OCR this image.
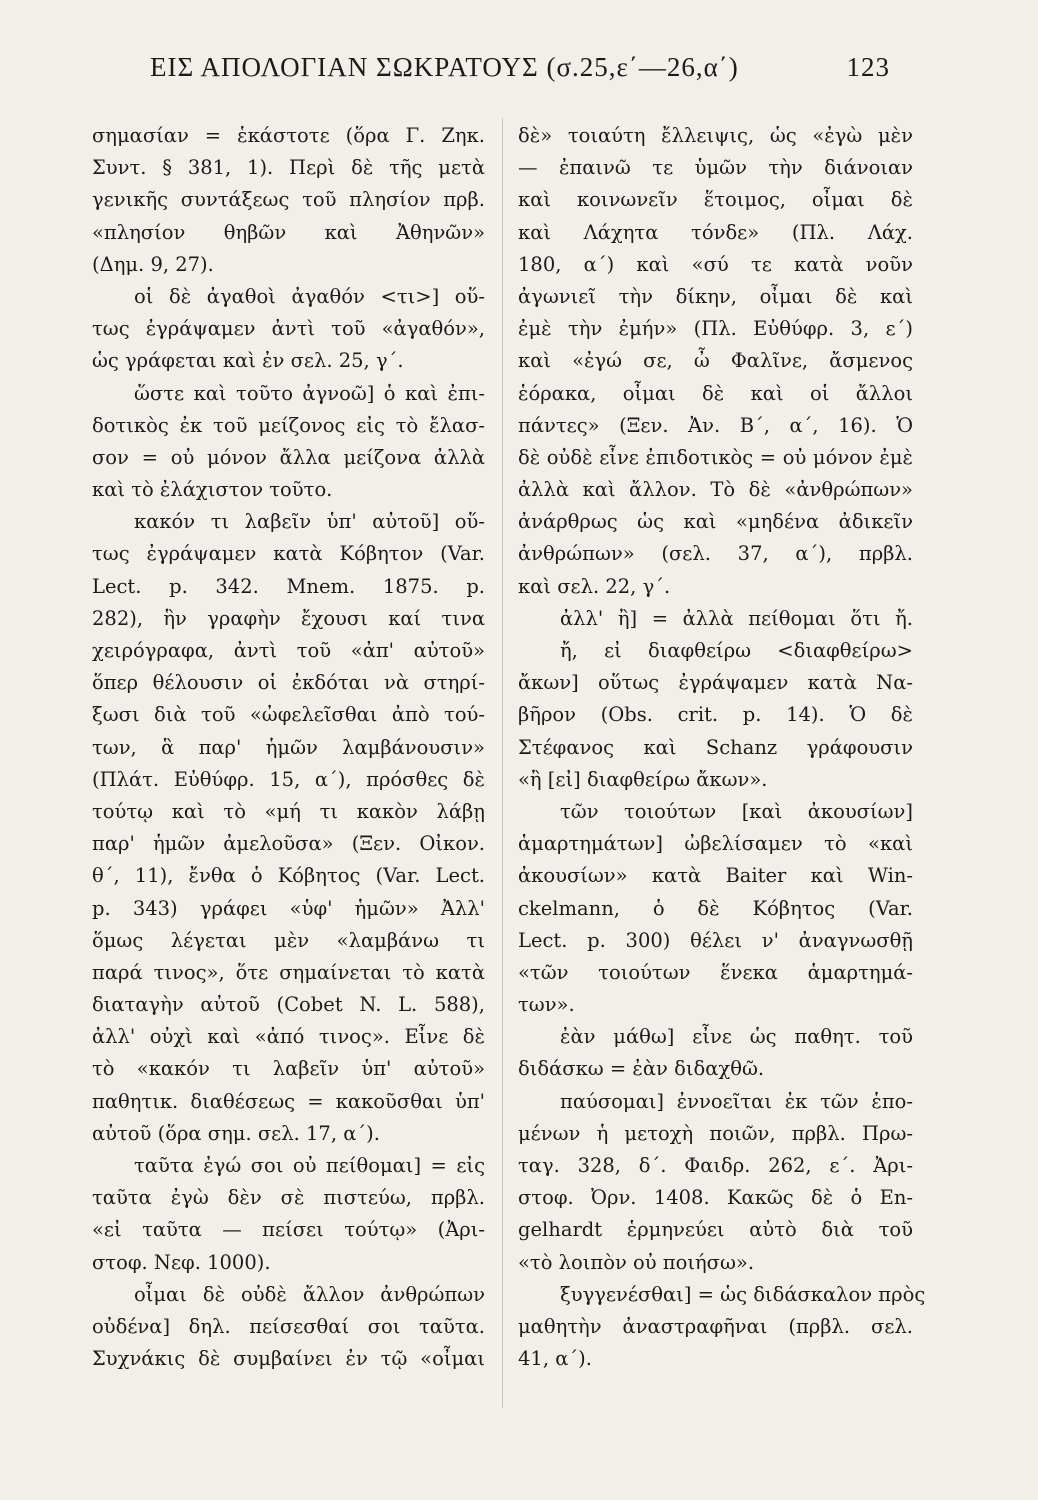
ΕΙΣ ΑΠΟΛΟΓΙΑΝ ΣΩΚΡΑΤΟΥΣ (σ.25,ε΄—26,α΄)	123
σημασίαν = ἑκάστοτε (ὅρα Γ. Ζηκ.
Συντ. § 381, 1). Περὶ δὲ τῆς μετὰ
γενικῆς συντάξεως τοῦ πλησίον πρβ.
«πλησίον θηβῶν καὶ Ἀθηνῶν»
(Δημ. 9, 27).
οἱ δὲ ἀγαθοὶ ἀγαθόν <τι>] οὕ-
τως ἐγράψαμεν ἀντὶ τοῦ «ἀγαθόν»,
ὡς γράφεται καὶ ἐν σελ. 25, γ΄.
ὥστε καὶ τοῦτο ἀγνοῶ] ὁ καὶ ἐπι-
δοτικὸς ἐκ τοῦ μείζονος εἰς τὸ ἔλασ-
σον = οὐ μόνον ἄλλα μείζονα ἀλλὰ
καὶ τὸ ἐλάχιστον τοῦτο.
κακόν τι λαβεῖν ὑπ' αὐτοῦ] οὕ-
τως ἐγράψαμεν κατὰ Κόβητον (Var.
Lect. p. 342. Mnem. 1875. p.
282), ἣν γραφὴν ἔχουσι καί τινα
χειρόγραφα, ἀντὶ τοῦ «ἀπ' αὐτοῦ»
ὅπερ θέλουσιν οἱ ἐκδόται νὰ στηρί-
ξωσι διὰ τοῦ «ὠφελεῖσθαι ἀπὸ τού-
των, ἃ παρ' ἡμῶν λαμβάνουσιν»
(Πλάτ. Εὐθύφρ. 15, α΄), πρόσθες δὲ
τούτῳ καὶ τὸ «μή τι κακὸν λάβῃ
παρ' ἡμῶν ἀμελοῦσα» (Ξεν. Οἰκον.
θ΄, 11), ἔνθα ὁ Κόβητος (Var. Lect.
p. 343) γράφει «ὑφ' ἡμῶν» Ἀλλ'
ὅμως λέγεται μὲν «λαμβάνω τι
παρά τινος», ὅτε σημαίνεται τὸ κατὰ
διαταγὴν αὐτοῦ (Cobet N. L. 588),
ἀλλ' οὐχὶ καὶ «ἀπό τινος». Εἶνε δὲ
τὸ «κακόν τι λαβεῖν ὑπ' αὐτοῦ»
παθητικ. διαθέσεως = κακοῦσθαι ὑπ'
αὐτοῦ (ὅρα σημ. σελ. 17, α΄).
ταῦτα ἐγώ σοι οὐ πείθομαι] = εἰς
ταῦτα ἐγὼ δὲν σὲ πιστεύω, πρβλ.
«εἰ ταῦτα — πείσει τούτῳ» (Ἀρι-
στοφ. Νεφ. 1000).
οἶμαι δὲ οὐδὲ ἄλλον ἀνθρώπων
οὐδένα] δηλ. πείσεσθαί σοι ταῦτα.
Συχνάκις δὲ συμβαίνει ἐν τῷ «οἶμαι
δὲ» τοιαύτη ἔλλειψις, ὡς «ἐγὼ μὲν
— ἐπαινῶ τε ὑμῶν τὴν διάνοιαν
καὶ κοινωνεῖν ἕτοιμος, οἶμαι δὲ
καὶ Λάχητα τόνδε» (Πλ. Λάχ.
180, α΄) καὶ «σύ τε κατὰ νοῦν
ἀγωνιεῖ τὴν δίκην, οἶμαι δὲ καὶ
ἐμὲ τὴν ἐμήν» (Πλ. Εὐθύφρ. 3, ε΄)
καὶ «ἐγώ σε, ὦ Φαλῖνε, ἄσμενος
ἑόρακα, οἶμαι δὲ καὶ οἱ ἄλλοι
πάντες» (Ξεν. Ἀν. Β΄, α΄, 16). Ὁ
δὲ οὐδὲ εἶνε ἐπιδοτικὸς = οὐ μόνον ἐμὲ
ἀλλὰ καὶ ἄλλον. Τὸ δὲ «ἀνθρώπων»
ἀνάρθρως ὡς καὶ «μηδένα ἀδικεῖν
ἀνθρώπων» (σελ. 37, α΄), πρβλ.
καὶ σελ. 22, γ΄.
ἀλλ' ἢ] = ἀλλὰ πείθομαι ὅτι ἤ.
ἤ, εἰ διαφθείρω <διαφθείρω>
ἄκων] οὕτως ἐγράψαμεν κατὰ Να-
βῆρον (Obs. crit. p. 14). Ὁ δὲ
Στέφανος καὶ Schanz γράφουσιν
«ἢ [εἰ] διαφθείρω ἄκων».
τῶν τοιούτων [καὶ ἀκουσίων]
ἁμαρτημάτων] ὠβελίσαμεν τὸ «καὶ
ἀκουσίων» κατὰ Baiter καὶ Win-
ckelmann, ὁ δὲ Κόβητος (Var.
Lect. p. 300) θέλει ν' ἀναγνωσθῇ
«τῶν τοιούτων ἕνεκα ἁμαρτημά-
των».
ἐὰν μάθω] εἶνε ὡς παθητ. τοῦ
διδάσκω = ἐὰν διδαχθῶ.
παύσομαι] ἐννοεῖται ἐκ τῶν ἑπο-
μένων ἡ μετοχὴ ποιῶν, πρβλ. Πρω-
ταγ. 328, δ΄. Φαιδρ. 262, ε΄. Ἀρι-
στοφ. Ὀρν. 1408. Κακῶς δὲ ὁ En-
gelhardt ἑρμηνεύει αὐτὸ διὰ τοῦ
«τὸ λοιπὸν οὐ ποιήσω».
ξυγγενέσθαι] = ὡς διδάσκαλον πρὸς
μαθητὴν ἀναστραφῆναι (πρβλ. σελ.
41, α΄).
